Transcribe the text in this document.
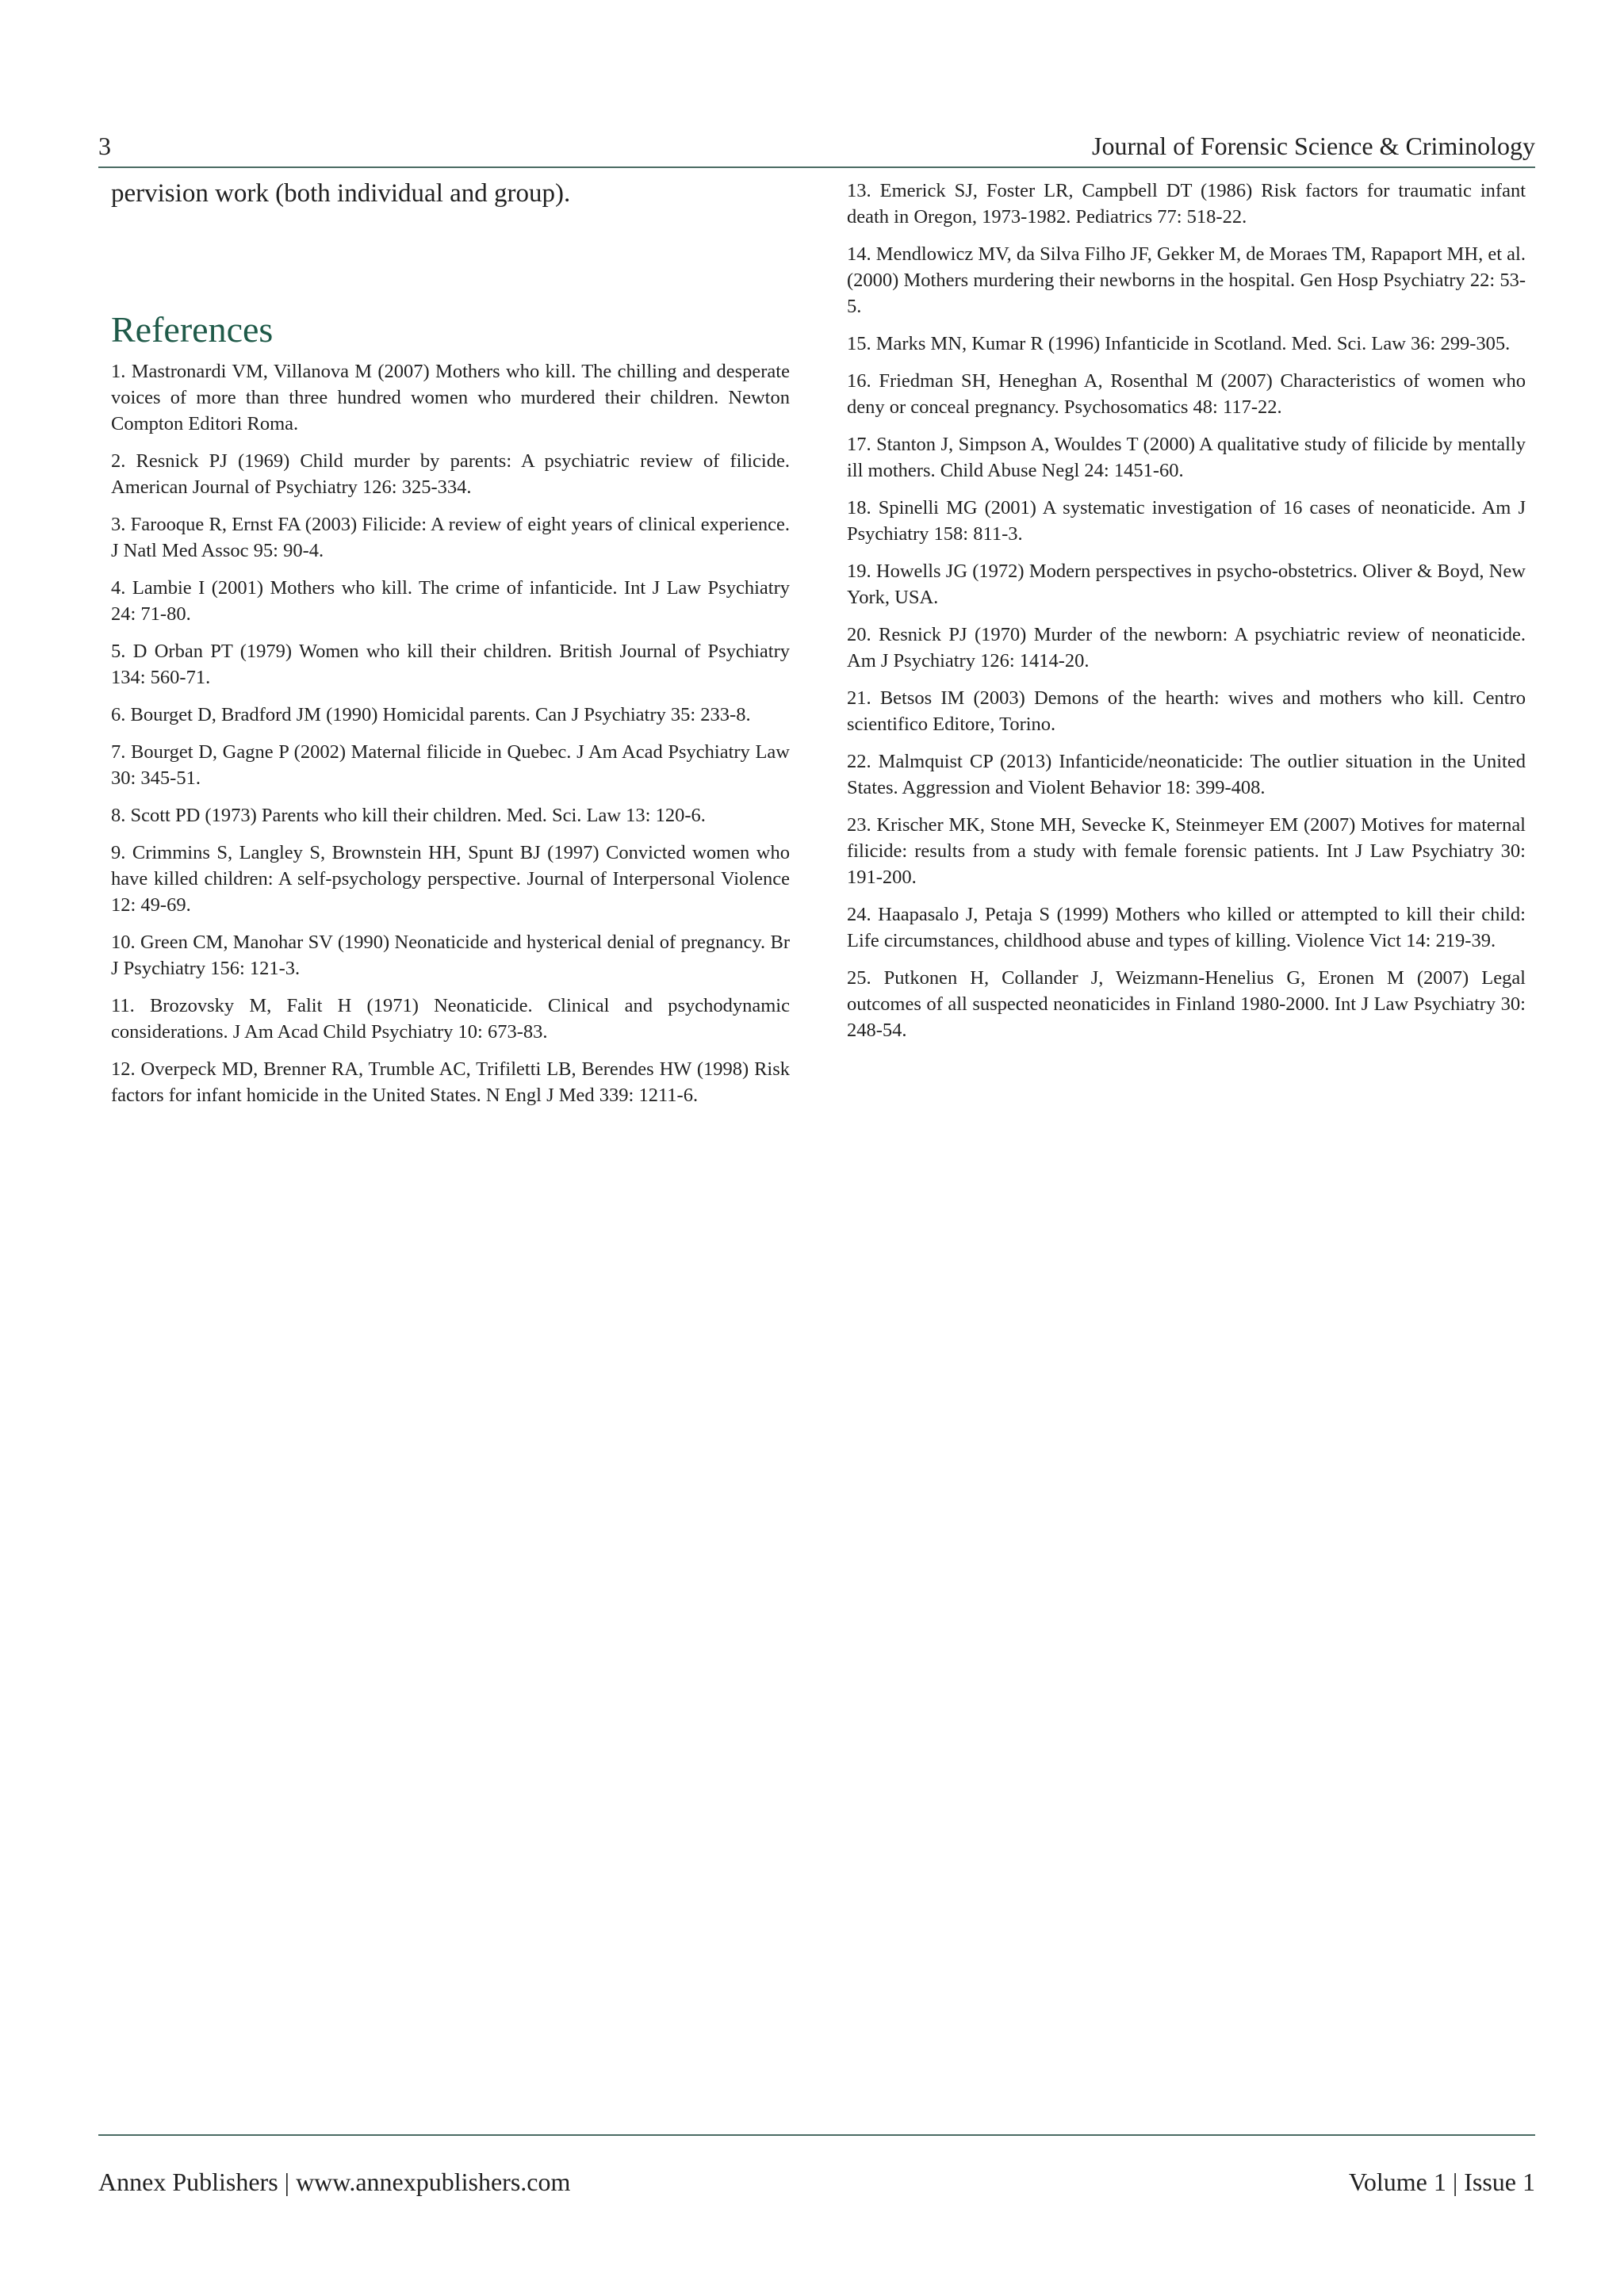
3	Journal of Forensic Science & Criminology

pervision work (both individual and group).

References
1. Mastronardi VM, Villanova M (2007) Mothers who kill. The chilling and desperate voices of more than three hundred women who murdered their children. Newton Compton Editori Roma.
2. Resnick PJ (1969) Child murder by parents: A psychiatric review of filicide. American Journal of Psychiatry 126: 325-334.
3. Farooque R, Ernst FA (2003) Filicide: A review of eight years of clinical experience. J Natl Med Assoc 95: 90-4.
4. Lambie I (2001) Mothers who kill. The crime of infanticide. Int J Law Psychiatry 24: 71-80.
5. D Orban PT (1979) Women who kill their children. British Journal of Psychiatry 134: 560-71.
6. Bourget D, Bradford JM (1990) Homicidal parents. Can J Psychiatry 35: 233-8.
7. Bourget D, Gagne P (2002) Maternal filicide in Quebec. J Am Acad Psychiatry Law 30: 345-51.
8. Scott PD (1973) Parents who kill their children. Med. Sci. Law 13: 120-6.
9. Crimmins S, Langley S, Brownstein HH, Spunt BJ (1997) Convicted women who have killed children: A self-psychology perspective. Journal of Interpersonal Violence 12: 49-69.
10. Green CM, Manohar SV (1990) Neonaticide and hysterical denial of pregnancy. Br J Psychiatry 156: 121-3.
11. Brozovsky M, Falit H (1971) Neonaticide. Clinical and psychodynamic considerations. J Am Acad Child Psychiatry 10: 673-83.
12. Overpeck MD, Brenner RA, Trumble AC, Trifiletti LB, Berendes HW (1998) Risk factors for infant homicide in the United States. N Engl J Med 339: 1211-6.
13. Emerick SJ, Foster LR, Campbell DT (1986) Risk factors for traumatic infant death in Oregon, 1973-1982. Pediatrics 77: 518-22.
14. Mendlowicz MV, da Silva Filho JF, Gekker M, de Moraes TM, Rapaport MH, et al. (2000) Mothers murdering their newborns in the hospital. Gen Hosp Psychiatry 22: 53-5.
15. Marks MN, Kumar R (1996) Infanticide in Scotland. Med. Sci. Law 36: 299-305.
16. Friedman SH, Heneghan A, Rosenthal M (2007) Characteristics of women who deny or conceal pregnancy. Psychosomatics 48: 117-22.
17. Stanton J, Simpson A, Wouldes T (2000) A qualitative study of filicide by mentally ill mothers. Child Abuse Negl 24: 1451-60.
18. Spinelli MG (2001) A systematic investigation of 16 cases of neonaticide. Am J Psychiatry 158: 811-3.
19. Howells JG (1972) Modern perspectives in psycho-obstetrics. Oliver & Boyd, New York, USA.
20. Resnick PJ (1970) Murder of the newborn: A psychiatric review of neonaticide. Am J Psychiatry 126: 1414-20.
21. Betsos IM (2003) Demons of the hearth: wives and mothers who kill. Centro scientifico Editore, Torino.
22. Malmquist CP (2013) Infanticide/neonaticide: The outlier situation in the United States. Aggression and Violent Behavior 18: 399-408.
23. Krischer MK, Stone MH, Sevecke K, Steinmeyer EM (2007) Motives for maternal filicide: results from a study with female forensic patients. Int J Law Psychiatry 30: 191-200.
24. Haapasalo J, Petaja S (1999) Mothers who killed or attempted to kill their child: Life circumstances, childhood abuse and types of killing. Violence Vict 14: 219-39.
25. Putkonen H, Collander J, Weizmann-Henelius G, Eronen M (2007) Legal outcomes of all suspected neonaticides in Finland 1980-2000. Int J Law Psychiatry 30: 248-54.
Annex Publishers | www.annexpublishers.com	Volume 1 | Issue 1
